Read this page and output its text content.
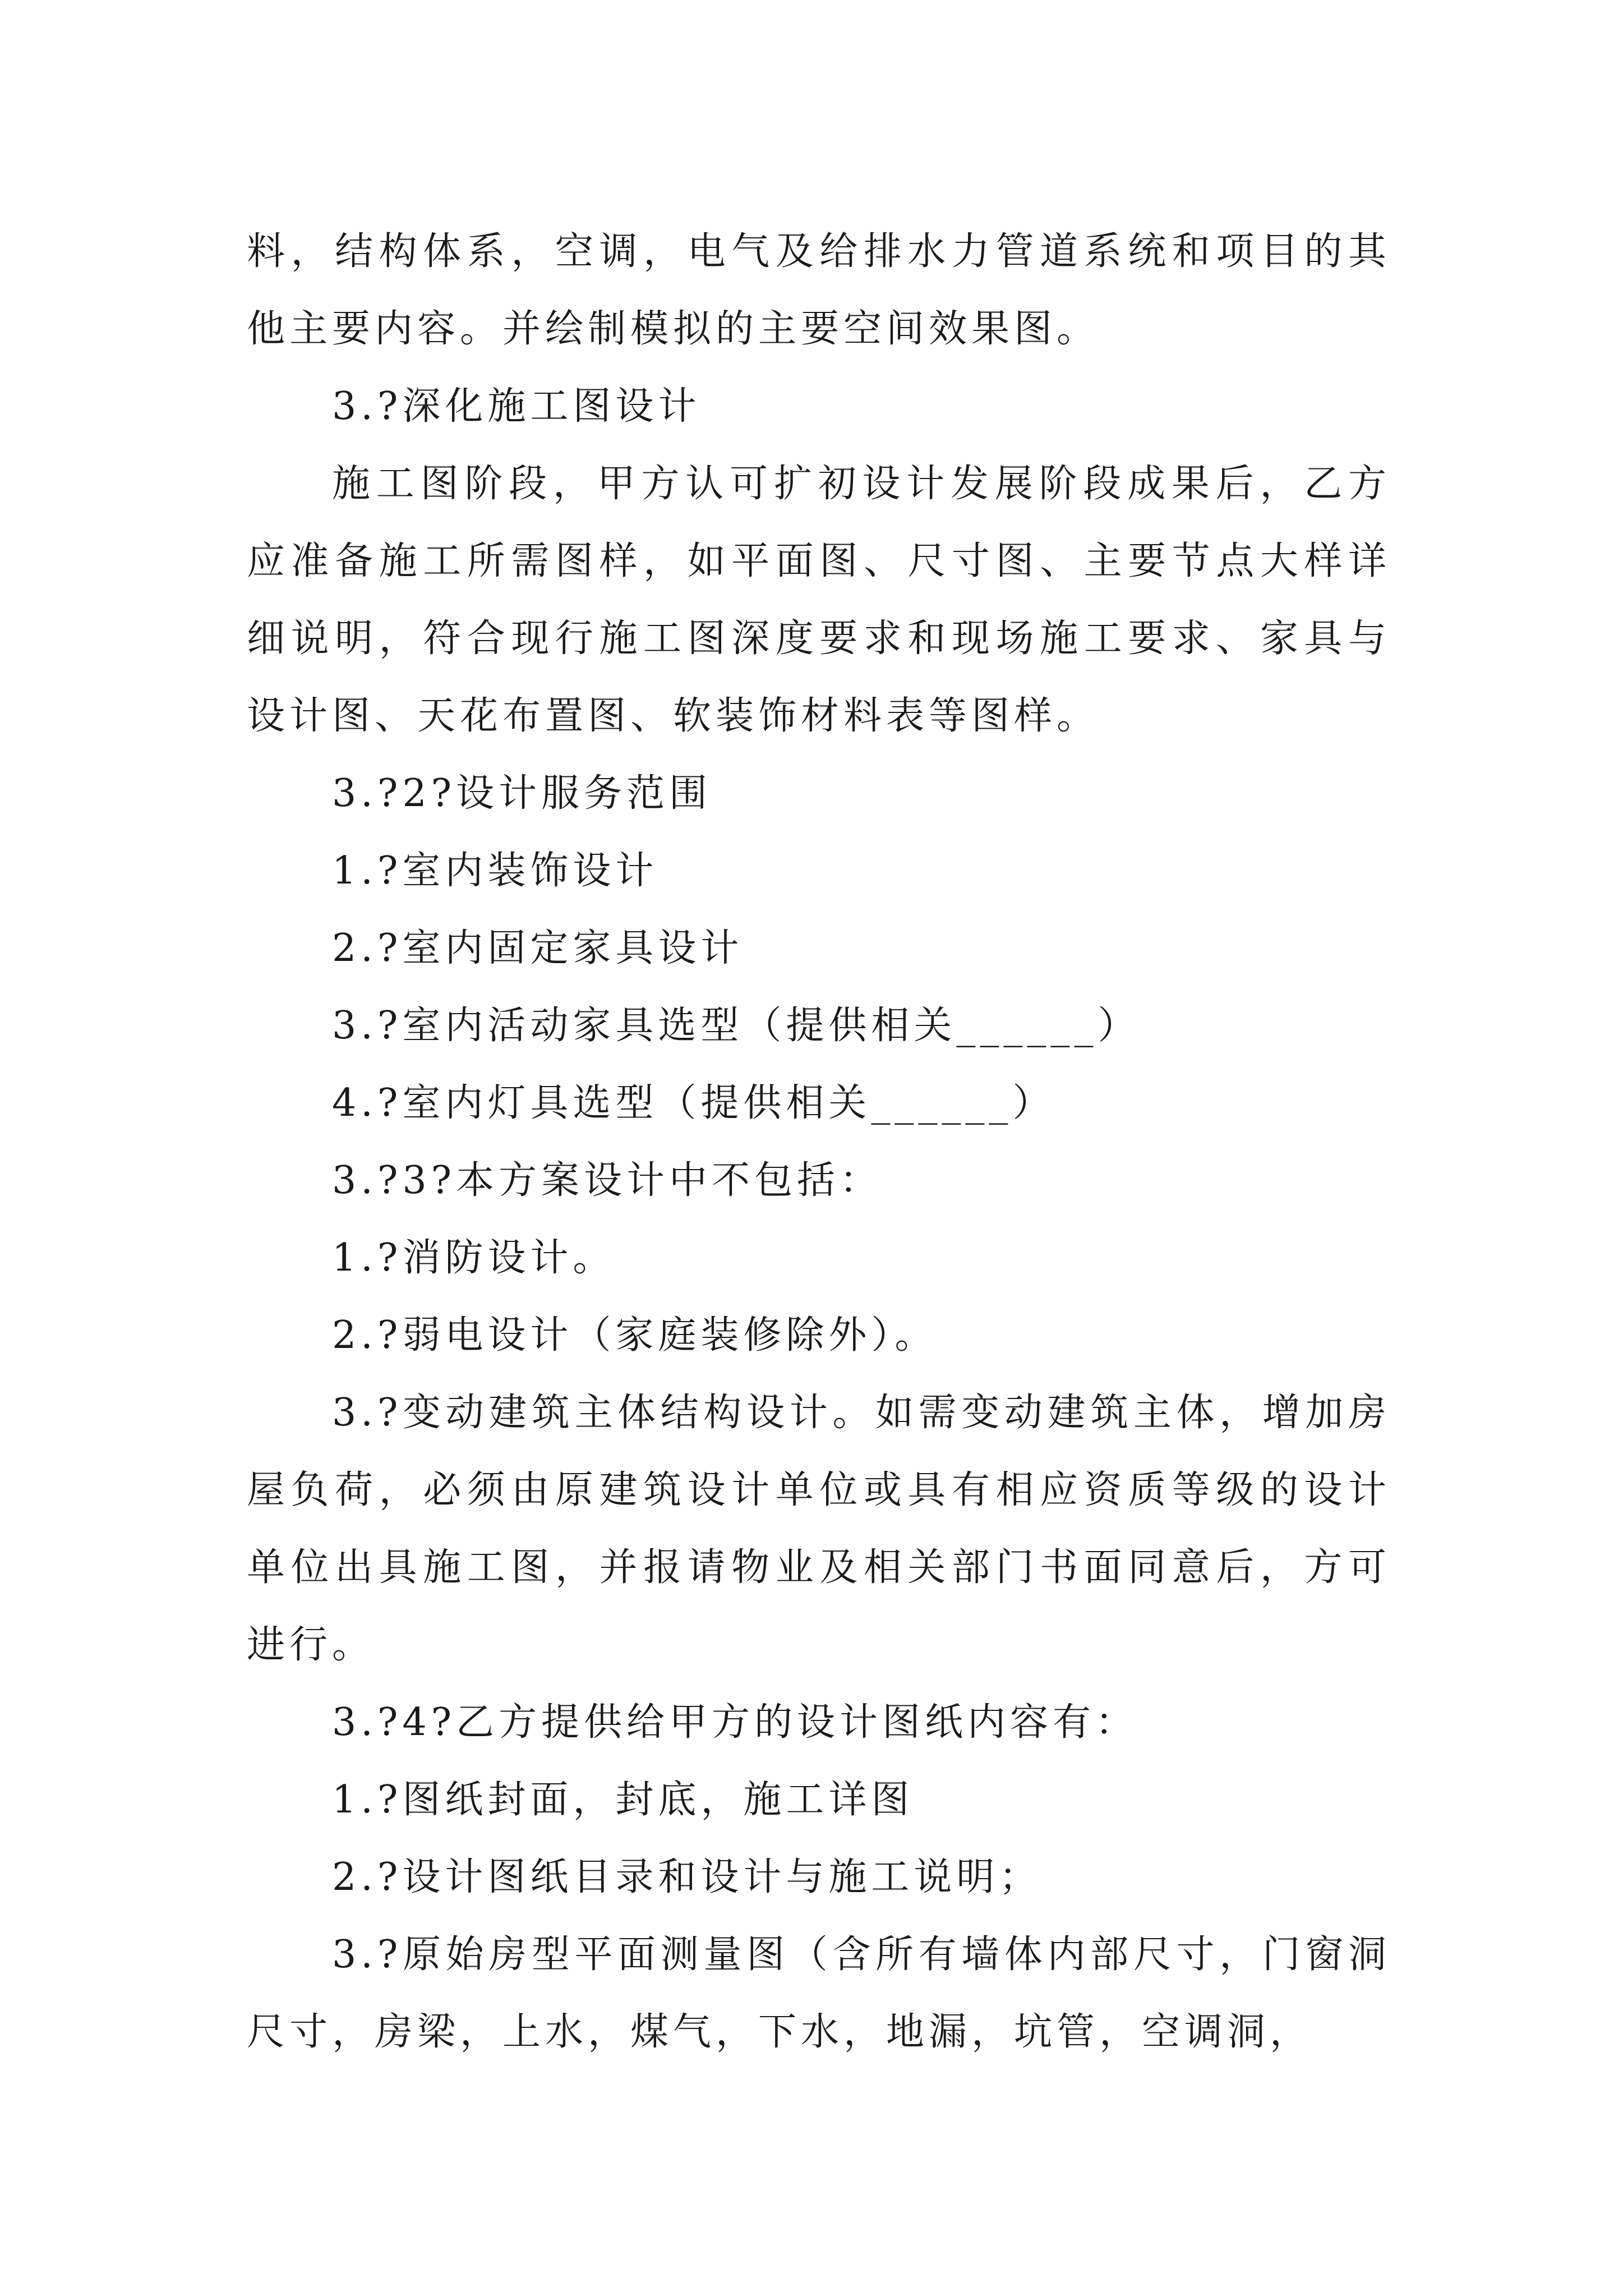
料，结构体系，空调，电气及给排水力管道系统和项目的其他主要内容。并绘制模拟的主要空间效果图。

3.?深化施工图设计

施工图阶段，甲方认可扩初设计发展阶段成果后，乙方应准备施工所需图样，如平面图、尺寸图、主要节点大样详细说明，符合现行施工图深度要求和现场施工要求、家具与设计图、天花布置图、软装饰材料表等图样。

3.?2?设计服务范围

1.?室内装饰设计

2.?室内固定家具设计

3.?室内活动家具选型（提供相关______）

4.?室内灯具选型（提供相关______）

3.?3?本方案设计中不包括：

1.?消防设计。

2.?弱电设计（家庭装修除外）。

3.?变动建筑主体结构设计。如需变动建筑主体，增加房屋负荷，必须由原建筑设计单位或具有相应资质等级的设计单位出具施工图，并报请物业及相关部门书面同意后，方可进行。

3.?4?乙方提供给甲方的设计图纸内容有：

1.?图纸封面，封底，施工详图

2.?设计图纸目录和设计与施工说明；

3.?原始房型平面测量图（含所有墙体内部尺寸，门窗洞尺寸，房梁，上水，煤气，下水，地漏，坑管，空调洞，
